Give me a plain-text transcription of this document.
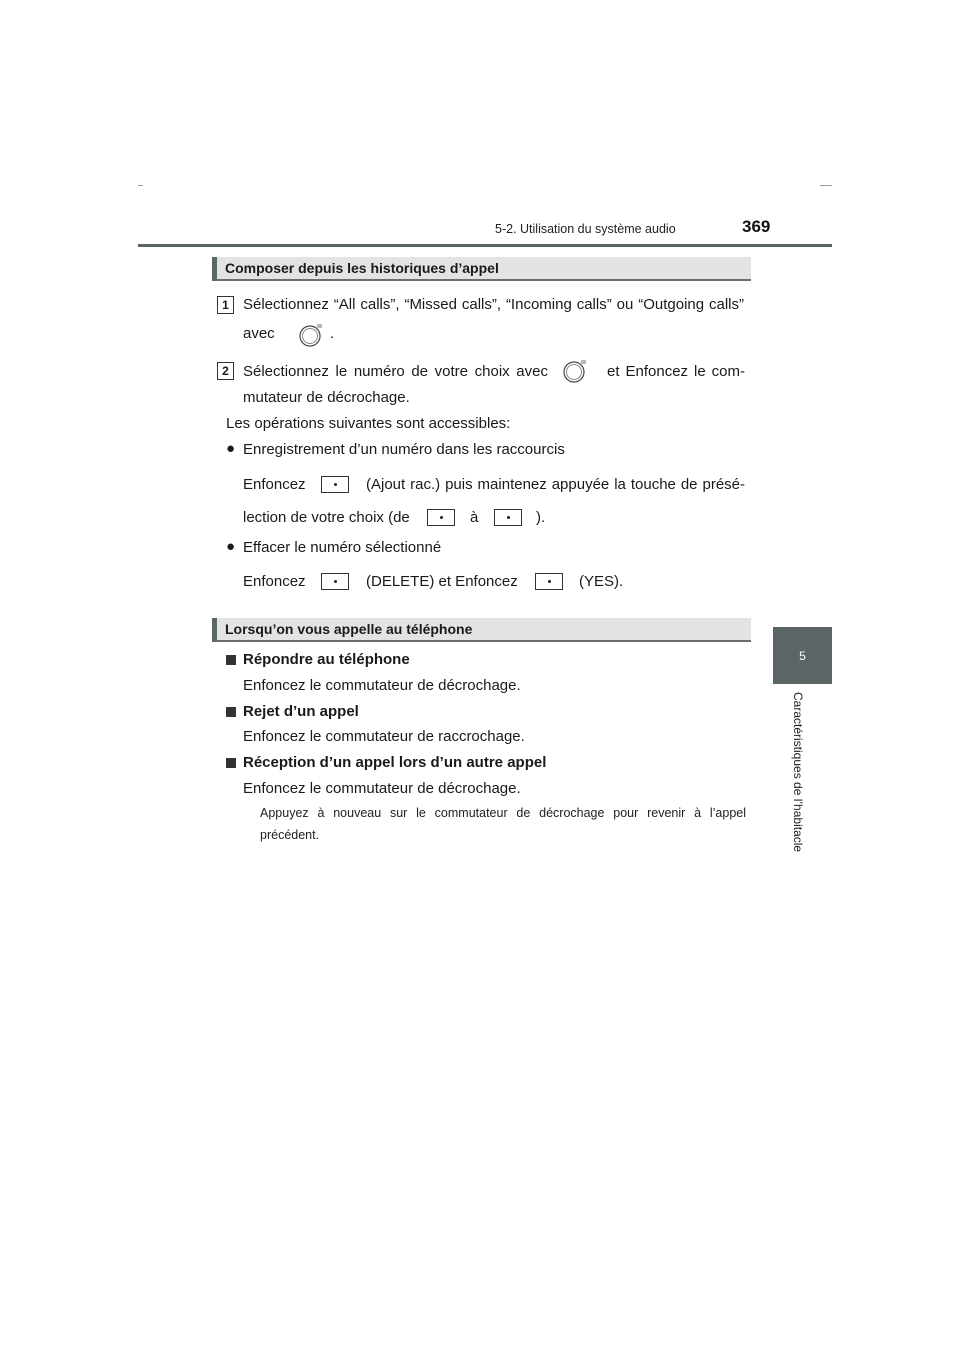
5-2. Utilisation du système audio	369
5
Caractéristiques de l’habitacle
Composer depuis les historiques d’appel
1 Sélectionnez “All calls”, “Missed calls”, “Incoming calls” ou “Outgoing calls”
avec	.
2 Sélectionnez le numéro de votre choix avec	et Enfoncez le com-
mutateur de décrochage.
Les opérations suivantes sont accessibles:
● Enregistrement d’un numéro dans les raccourcis
Enfoncez	(Ajout rac.) puis maintenez appuyée la touche de présé-
lection de votre choix (de	à	).
● Effacer le numéro sélectionné
Enfoncez	(DELETE) et Enfoncez	(YES).
Lorsqu’on vous appelle au téléphone
Répondre au téléphone
Enfoncez le commutateur de décrochage.
Rejet d’un appel
Enfoncez le commutateur de raccrochage.
Réception d’un appel lors d’un autre appel
Enfoncez le commutateur de décrochage.
Appuyez à nouveau sur le commutateur de décrochage pour revenir à l’appel précédent.
